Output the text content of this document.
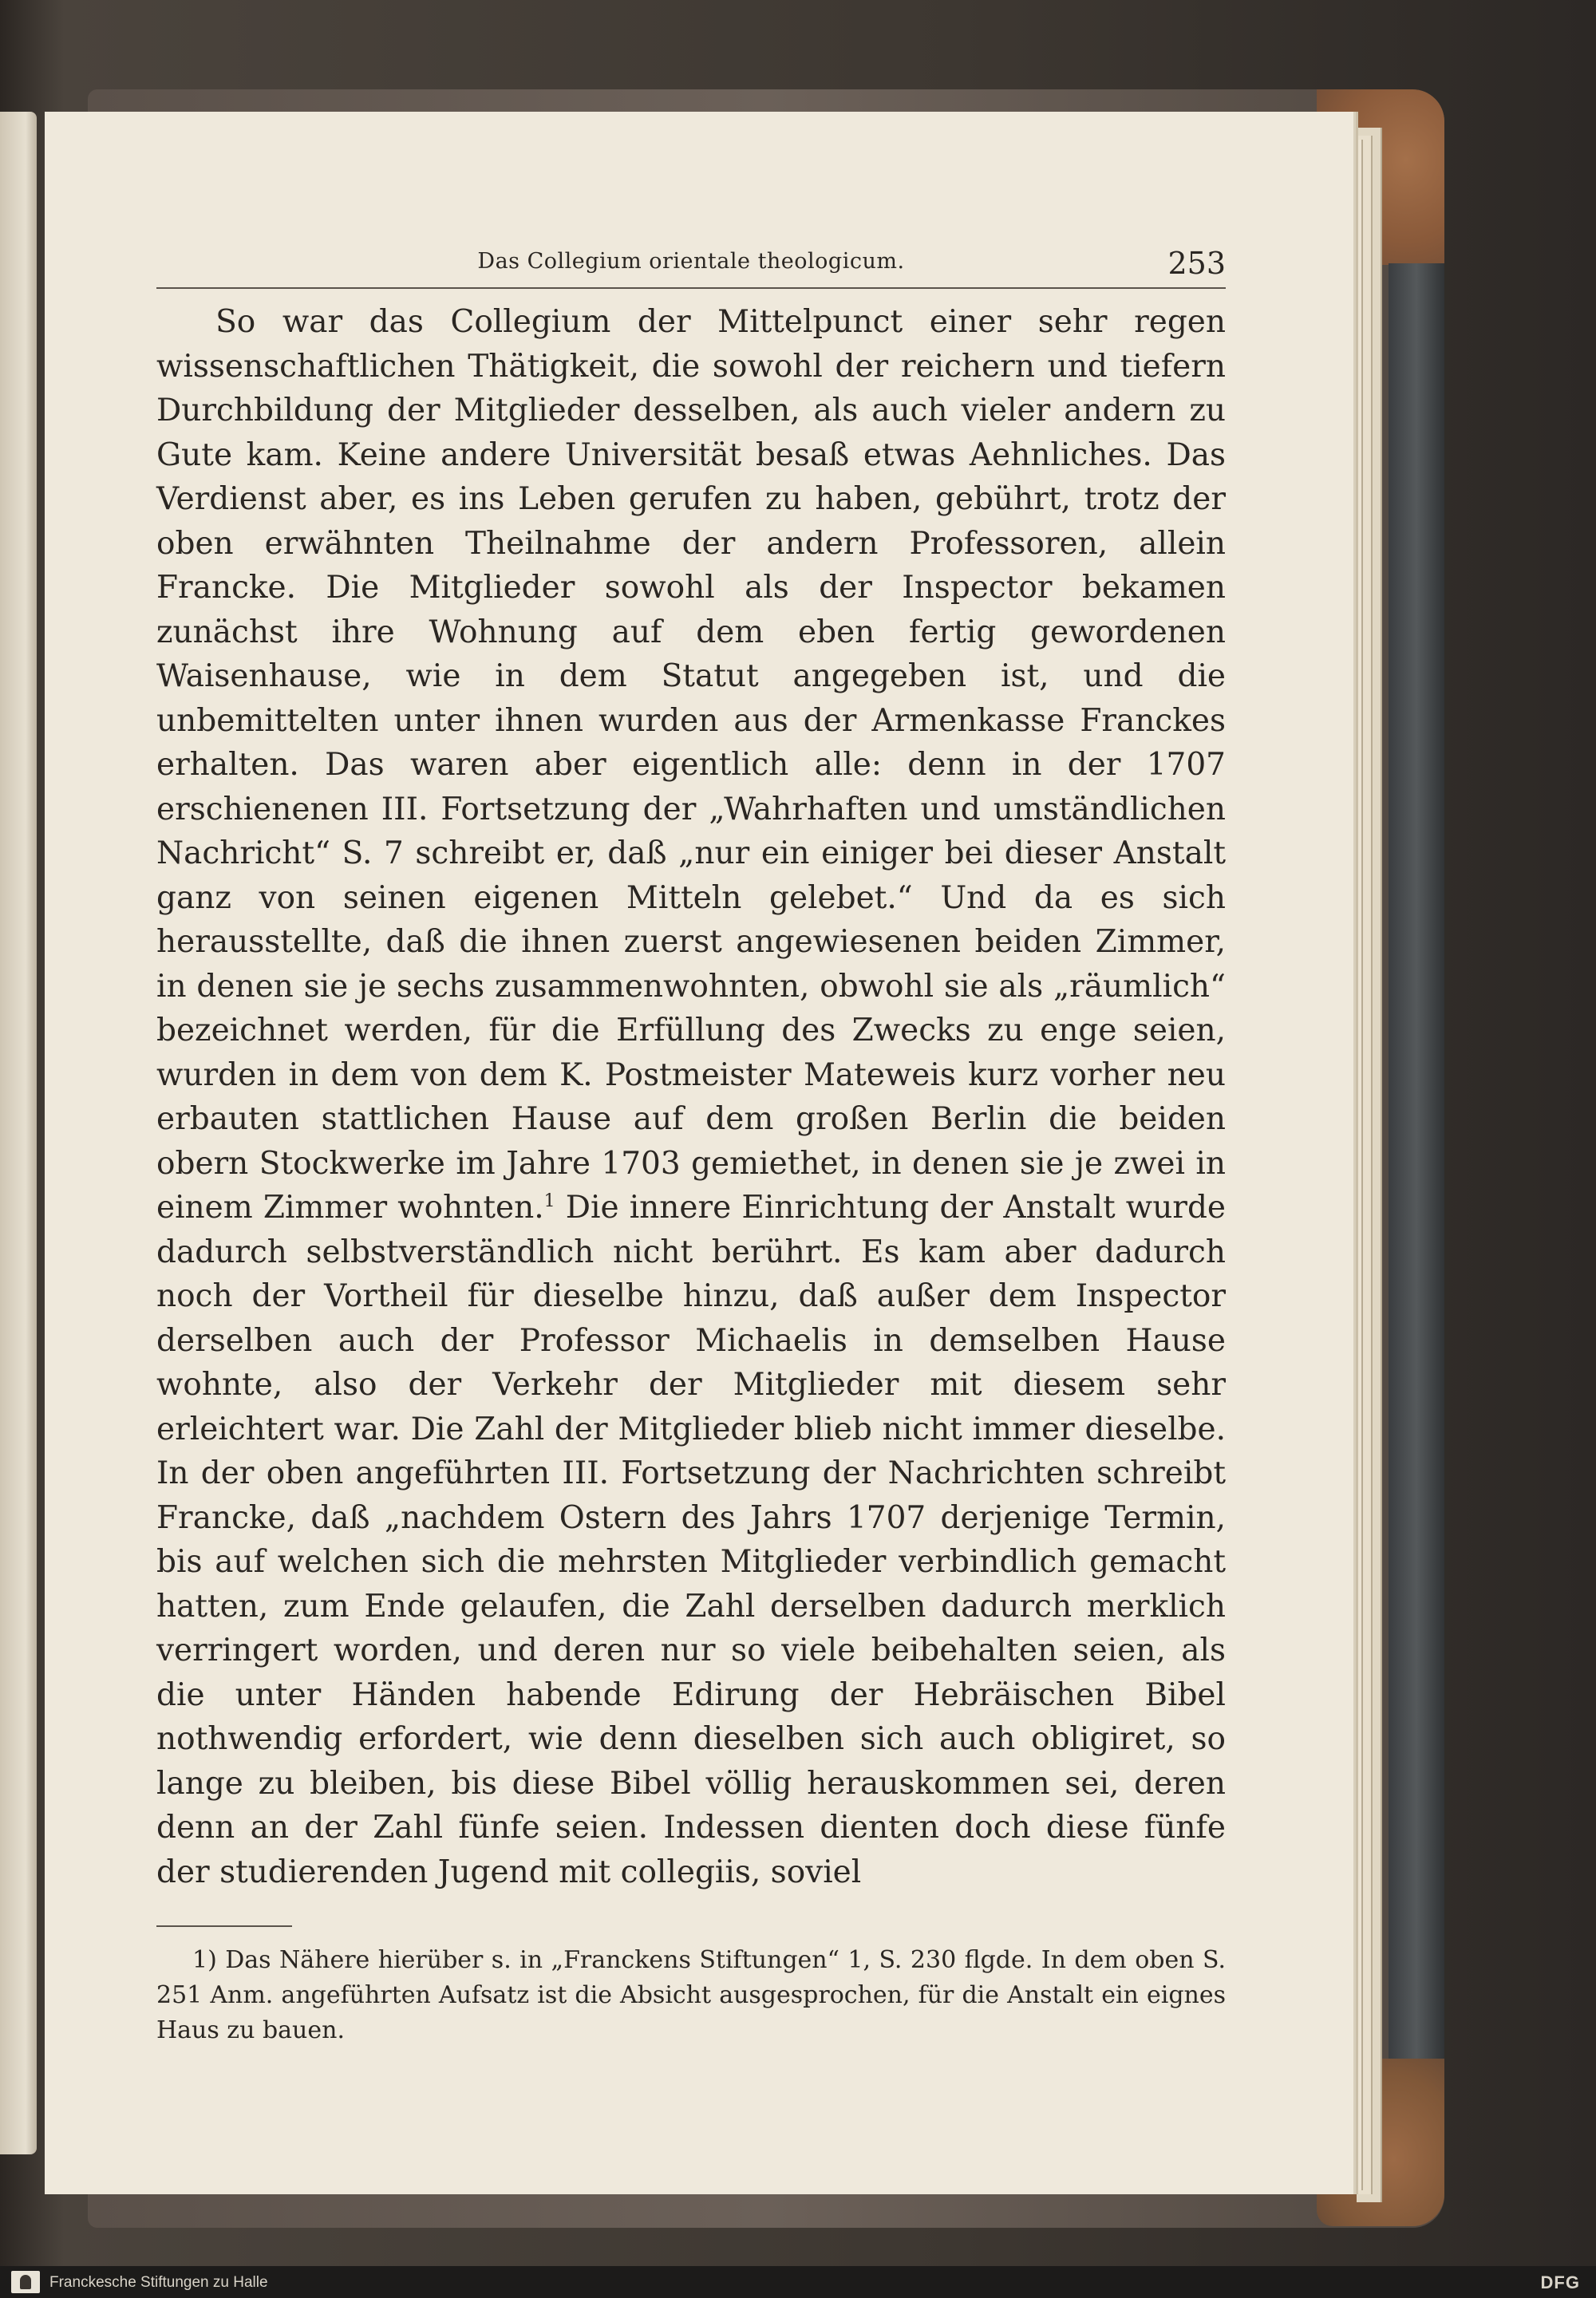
Das Collegium orientale theologicum.	253

So war das Collegium der Mittelpunct einer sehr regen wissenschaftlichen Thätigkeit, die sowohl der reichern und tiefern Durchbildung der Mitglieder desselben, als auch vieler andern zu Gute kam. Keine andere Universität besaß etwas Aehnliches. Das Verdienst aber, es ins Leben gerufen zu haben, gebührt, trotz der oben erwähnten Theilnahme der andern Professoren, allein Francke. Die Mitglieder sowohl als der Inspector bekamen zunächst ihre Wohnung auf dem eben fertig gewordenen Waisenhause, wie in dem Statut angegeben ist, und die unbemittelten unter ihnen wurden aus der Armenkasse Franckes erhalten. Das waren aber eigentlich alle: denn in der 1707 erschienenen III. Fortsetzung der „Wahrhaften und umständlichen Nachricht“ S. 7 schreibt er, daß „nur ein einiger bei dieser Anstalt ganz von seinen eigenen Mitteln gelebet.“ Und da es sich herausstellte, daß die ihnen zuerst angewiesenen beiden Zimmer, in denen sie je sechs zusammenwohnten, obwohl sie als „räumlich“ bezeichnet werden, für die Erfüllung des Zwecks zu enge seien, wurden in dem von dem K. Postmeister Mateweis kurz vorher neu erbauten stattlichen Hause auf dem großen Berlin die beiden obern Stockwerke im Jahre 1703 gemiethet, in denen sie je zwei in einem Zimmer wohnten.$^1$ Die innere Einrichtung der Anstalt wurde dadurch selbstverständlich nicht berührt. Es kam aber dadurch noch der Vortheil für dieselbe hinzu, daß außer dem Inspector derselben auch der Professor Michaelis in demselben Hause wohnte, also der Verkehr der Mitglieder mit diesem sehr erleichtert war. Die Zahl der Mitglieder blieb nicht immer dieselbe. In der oben angeführten III. Fortsetzung der Nachrichten schreibt Francke, daß „nachdem Ostern des Jahrs 1707 derjenige Termin, bis auf welchen sich die mehrsten Mitglieder verbindlich gemacht hatten, zum Ende gelaufen, die Zahl derselben dadurch merklich verringert worden, und deren nur so viele beibehalten seien, als die unter Händen habende Edirung der Hebräischen Bibel nothwendig erfordert, wie denn dieselben sich auch obligiret, so lange zu bleiben, bis diese Bibel völlig herauskommen sei, deren denn an der Zahl fünfe seien. Indessen dienten doch diese fünfe der studierenden Jugend mit collegiis, soviel

1) Das Nähere hierüber s. in „Franckens Stiftungen“ 1, S. 230 flgde. In dem oben S. 251 Anm. angeführten Aufsatz ist die Absicht ausgesprochen, für die Anstalt ein eignes Haus zu bauen.

Franckesche Stiftungen zu Halle	DFG
